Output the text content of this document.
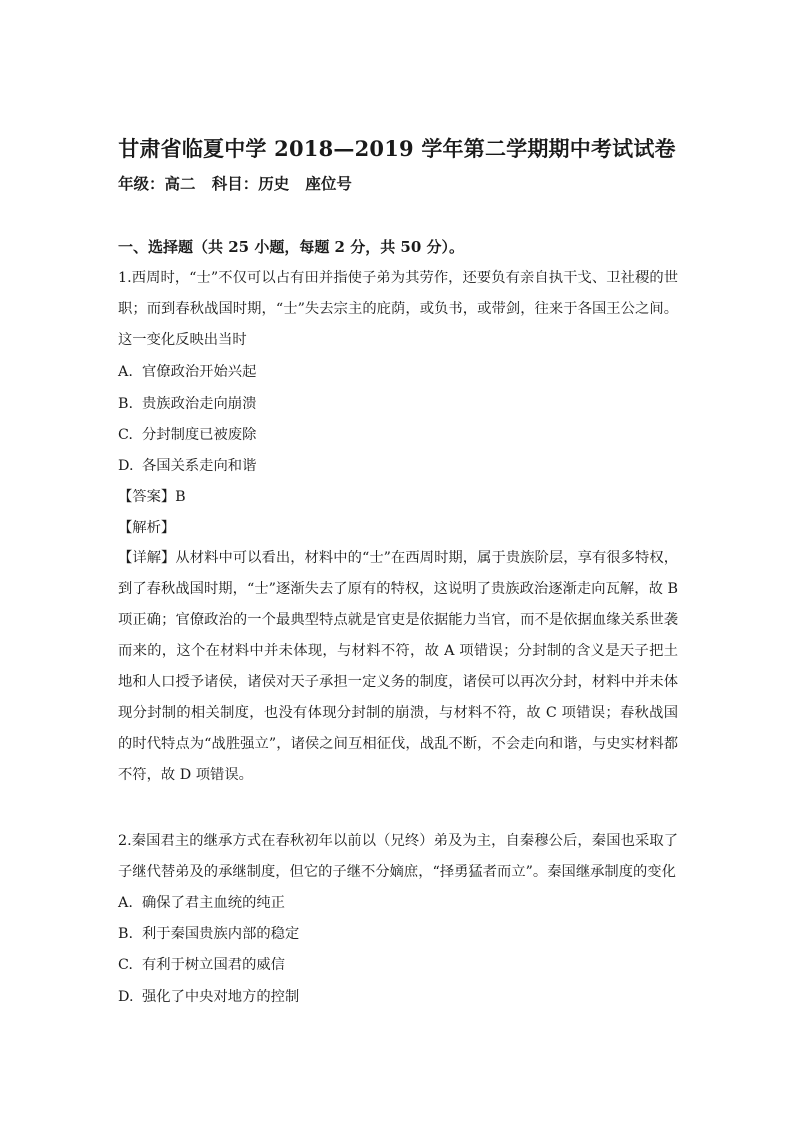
甘肃省临夏中学 2018—2019 学年第二学期期中考试试卷
年级：高二   科目：历史   座位号
一、选择题（共 25 小题，每题 2 分，共 50 分）。
1.西周时，“士”不仅可以占有田并指使子弟为其劳作，还要负有亲自执干戈、卫社稷的世职；而到春秋战国时期，“士”失去宗主的庇荫，或负书，或带剑，往来于各国王公之间。这一变化反映出当时
A. 官僚政治开始兴起
B. 贵族政治走向崩溃
C. 分封制度已被废除
D. 各国关系走向和谐
【答案】B
【解析】
【详解】从材料中可以看出，材料中的“士”在西周时期，属于贵族阶层，享有很多特权，到了春秋战国时期，“士”逐渐失去了原有的特权，这说明了贵族政治逐渐走向瓦解，故 B 项正确；官僚政治的一个最典型特点就是官吏是依据能力当官，而不是依据血缘关系世袭而来的，这个在材料中并未体现，与材料不符，故 A 项错误；分封制的含义是天子把土地和人口授予诸侯，诸侯对天子承担一定义务的制度，诸侯可以再次分封，材料中并未体现分封制的相关制度，也没有体现分封制的崩溃，与材料不符，故 C 项错误；春秋战国的时代特点为“战胜强立”，诸侯之间互相征伐，战乱不断，不会走向和谐，与史实材料都不符，故 D 项错误。
2.秦国君主的继承方式在春秋初年以前以（兄终）弟及为主，自秦穆公后，秦国也采取了子继代替弟及的承继制度，但它的子继不分嫡庶，“择勇猛者而立”。秦国继承制度的变化
A. 确保了君主血统的纯正
B. 利于秦国贵族内部的稳定
C. 有利于树立国君的威信
D. 强化了中央对地方的控制
